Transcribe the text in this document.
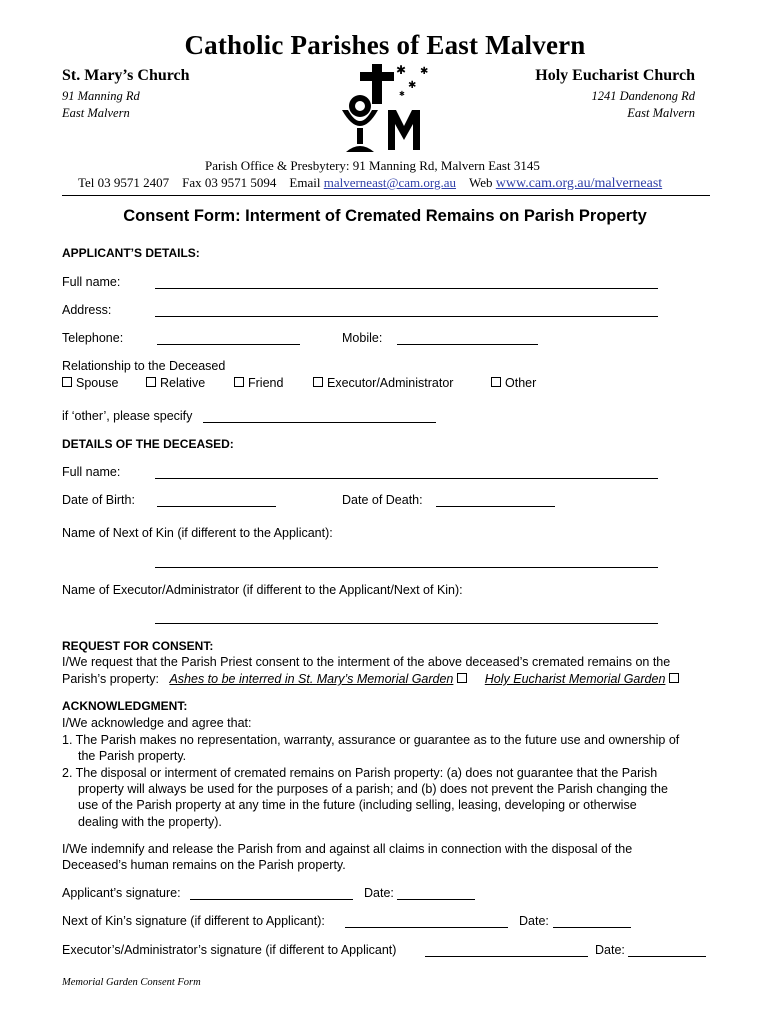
Catholic Parishes of East Malvern
St. Mary’s Church
91 Manning Rd
East Malvern
Holy Eucharist Church
1241 Dandenong Rd
East Malvern
✱
✱
✱
✱
Parish Office & Presbytery: 91 Manning Rd, Malvern East 3145
Tel 03 9571 2407 Fax 03 9571 5094 Email malverneast@cam.org.au Web www.cam.org.au/malverneast
Consent Form: Interment of Cremated Remains on Parish Property
APPLICANT’S DETAILS:
Full name:
Address:
Telephone:	Mobile:
Relationship to the Deceased
Spouse	Relative	Friend	Executor/Administrator	Other
if ‘other’, please specify
DETAILS OF THE DECEASED:
Full name:
Date of Birth:	Date of Death:
Name of Next of Kin (if different to the Applicant):
Name of Executor/Administrator (if different to the Applicant/Next of Kin):
REQUEST FOR CONSENT:
I/We request that the Parish Priest consent to the interment of the above deceased’s cremated remains on the
Parish’s property: Ashes to be interred in St. Mary’s Memorial Garden	Holy Eucharist Memorial Garden
ACKNOWLEDGMENT:
I/We acknowledge and agree that:
1. The Parish makes no representation, warranty, assurance or guarantee as to the future use and ownership of
the Parish property.
2. The disposal or interment of cremated remains on Parish property: (a) does not guarantee that the Parish
property will always be used for the purposes of a parish; and (b) does not prevent the Parish changing the
use of the Parish property at any time in the future (including selling, leasing, developing or otherwise
dealing with the property).
I/We indemnify and release the Parish from and against all claims in connection with the disposal of the
Deceased’s human remains on the Parish property.
Applicant’s signature:	Date:
Next of Kin’s signature (if different to Applicant):	Date:
Executor’s/Administrator’s signature (if different to Applicant)	Date:
Memorial Garden Consent Form
